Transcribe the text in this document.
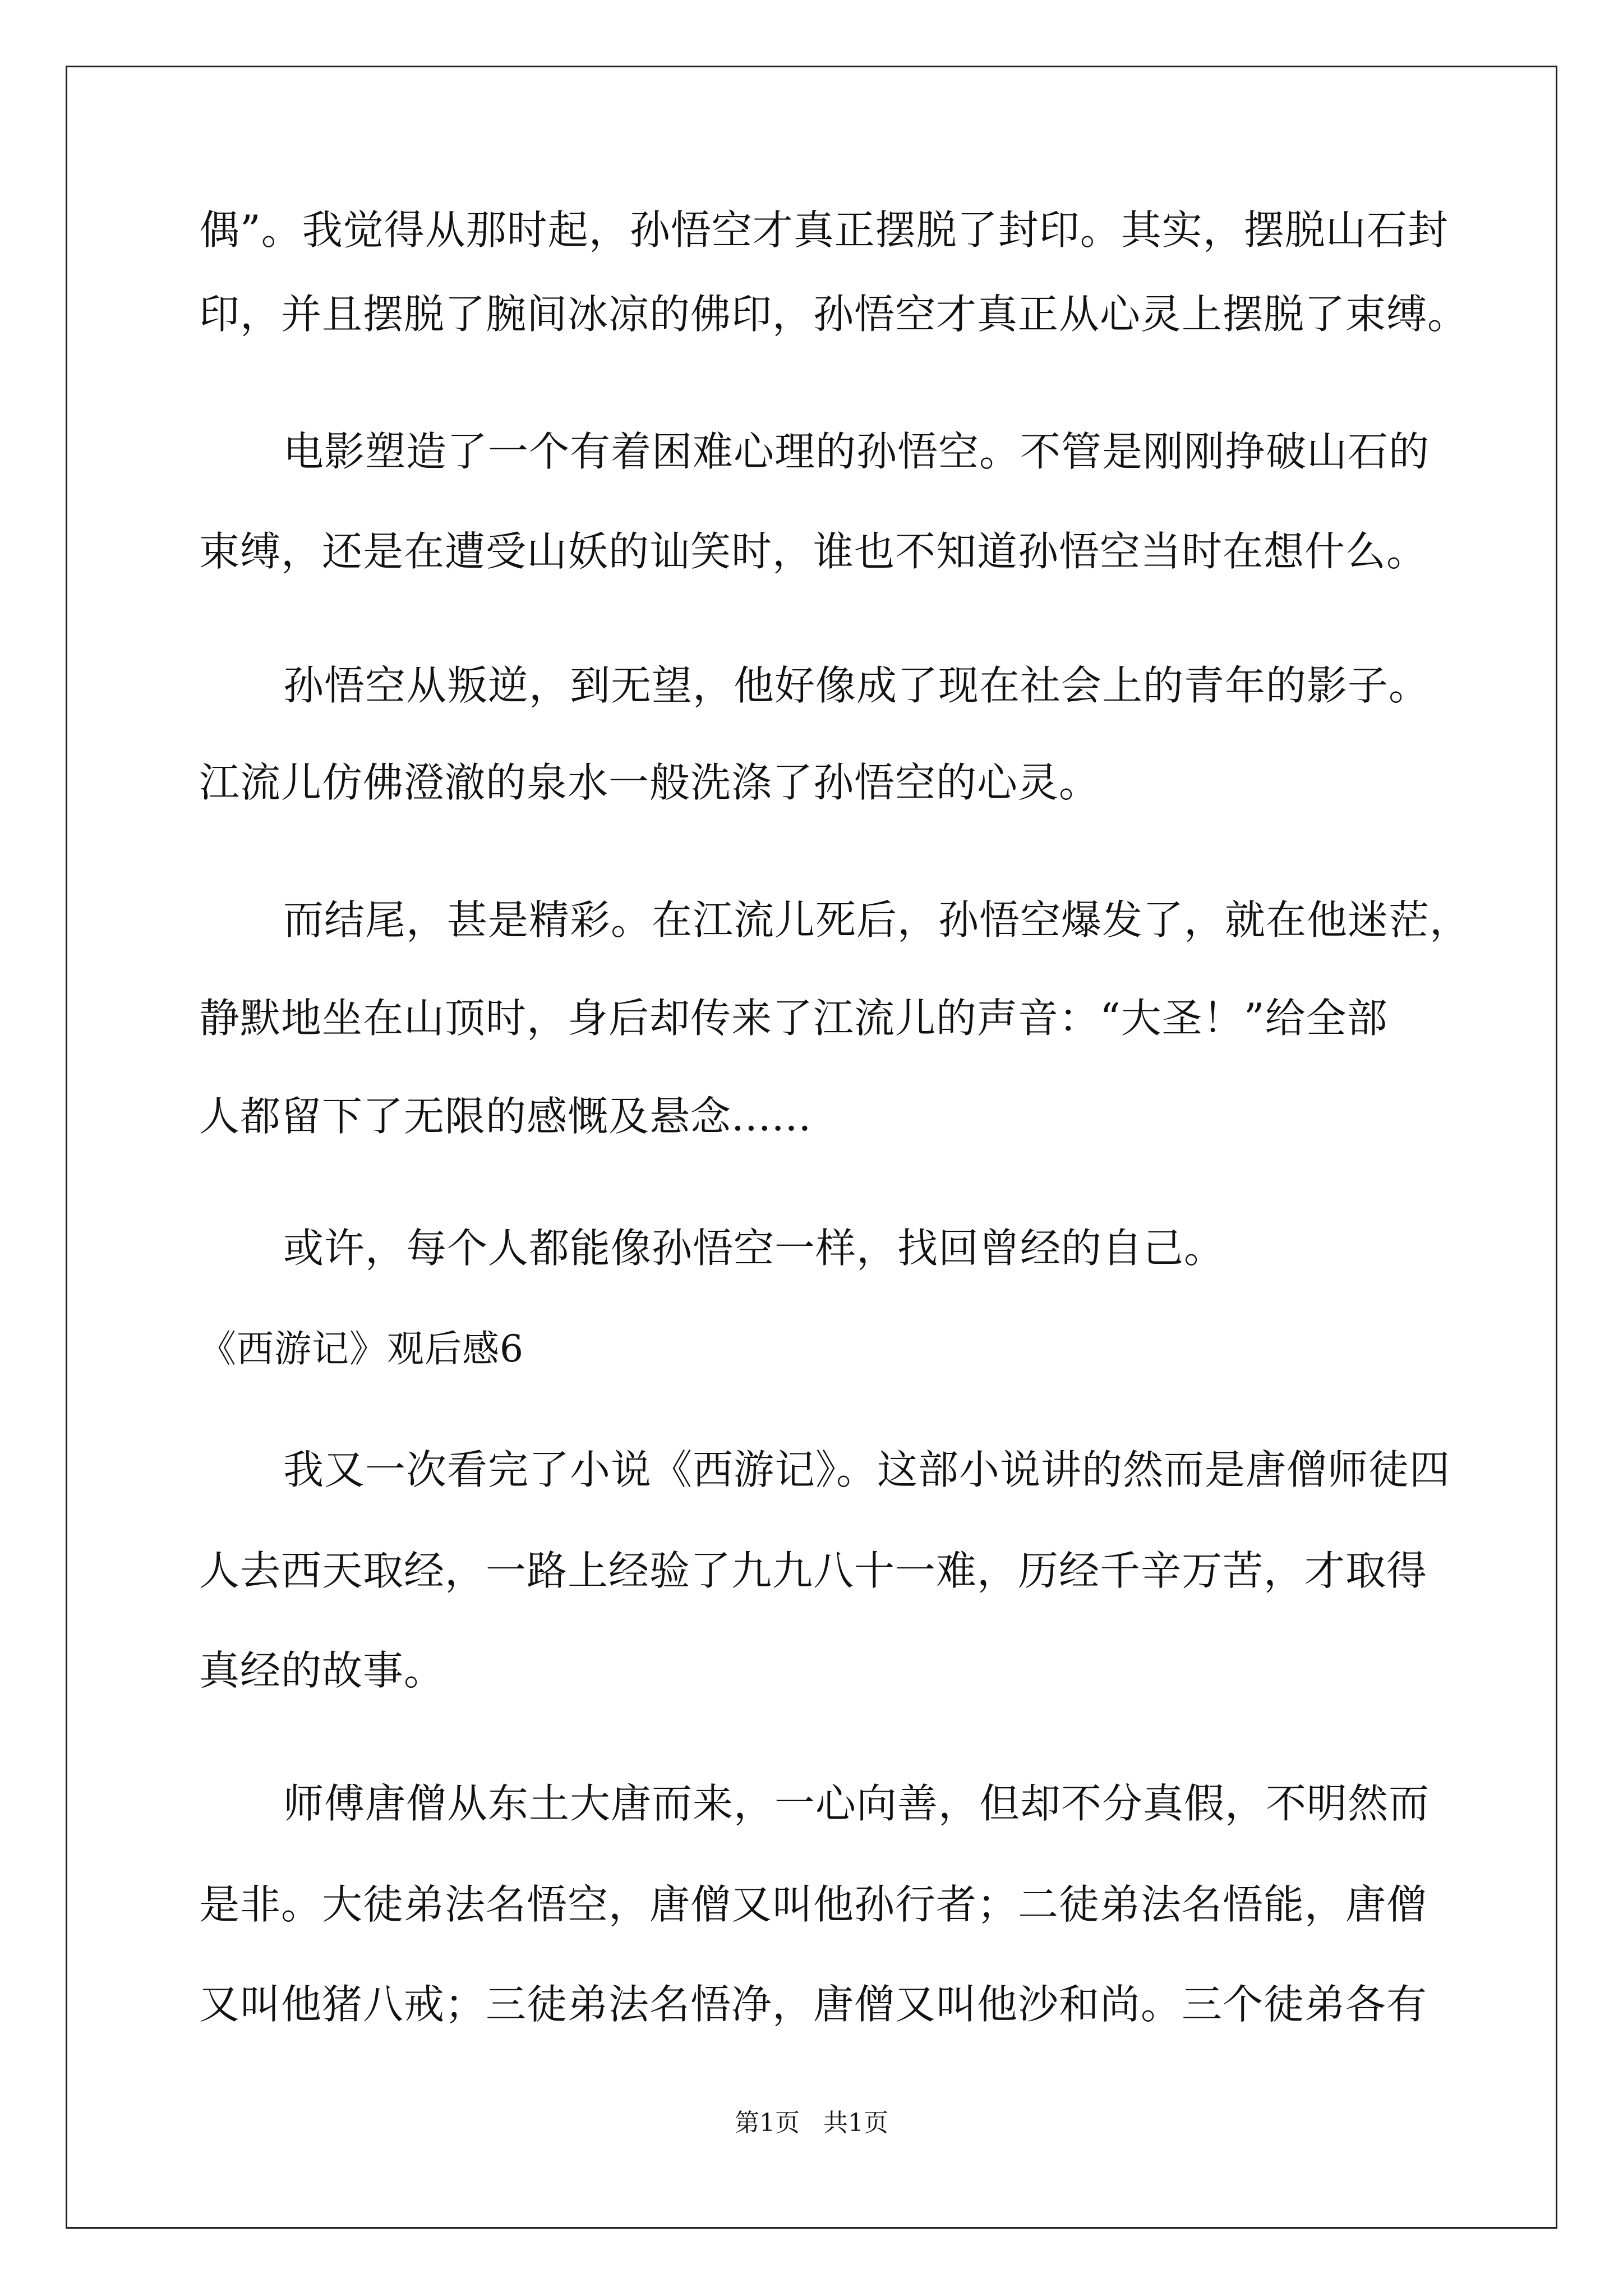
偶”。我觉得从那时起，孙悟空才真正摆脱了封印。其实，摆脱山石封
印，并且摆脱了腕间冰凉的佛印，孙悟空才真正从心灵上摆脱了束缚。
电影塑造了一个有着困难心理的孙悟空。不管是刚刚挣破山石的
束缚，还是在遭受山妖的讪笑时，谁也不知道孙悟空当时在想什么。
孙悟空从叛逆，到无望，他好像成了现在社会上的青年的影子。
江流儿仿佛澄澈的泉水一般洗涤了孙悟空的心灵。
而结尾，甚是精彩。在江流儿死后，孙悟空爆发了，就在他迷茫，
静默地坐在山顶时，身后却传来了江流儿的声音：“大圣！”给全部
人都留下了无限的感慨及悬念......
或许，每个人都能像孙悟空一样，找回曾经的自己。
《西游记》观后感6
我又一次看完了小说《西游记》。这部小说讲的然而是唐僧师徒四
人去西天取经，一路上经验了九九八十一难，历经千辛万苦，才取得
真经的故事。
师傅唐僧从东土大唐而来，一心向善，但却不分真假，不明然而
是非。大徒弟法名悟空，唐僧又叫他孙行者；二徒弟法名悟能，唐僧
又叫他猪八戒；三徒弟法名悟净，唐僧又叫他沙和尚。三个徒弟各有
第1页   共1页
